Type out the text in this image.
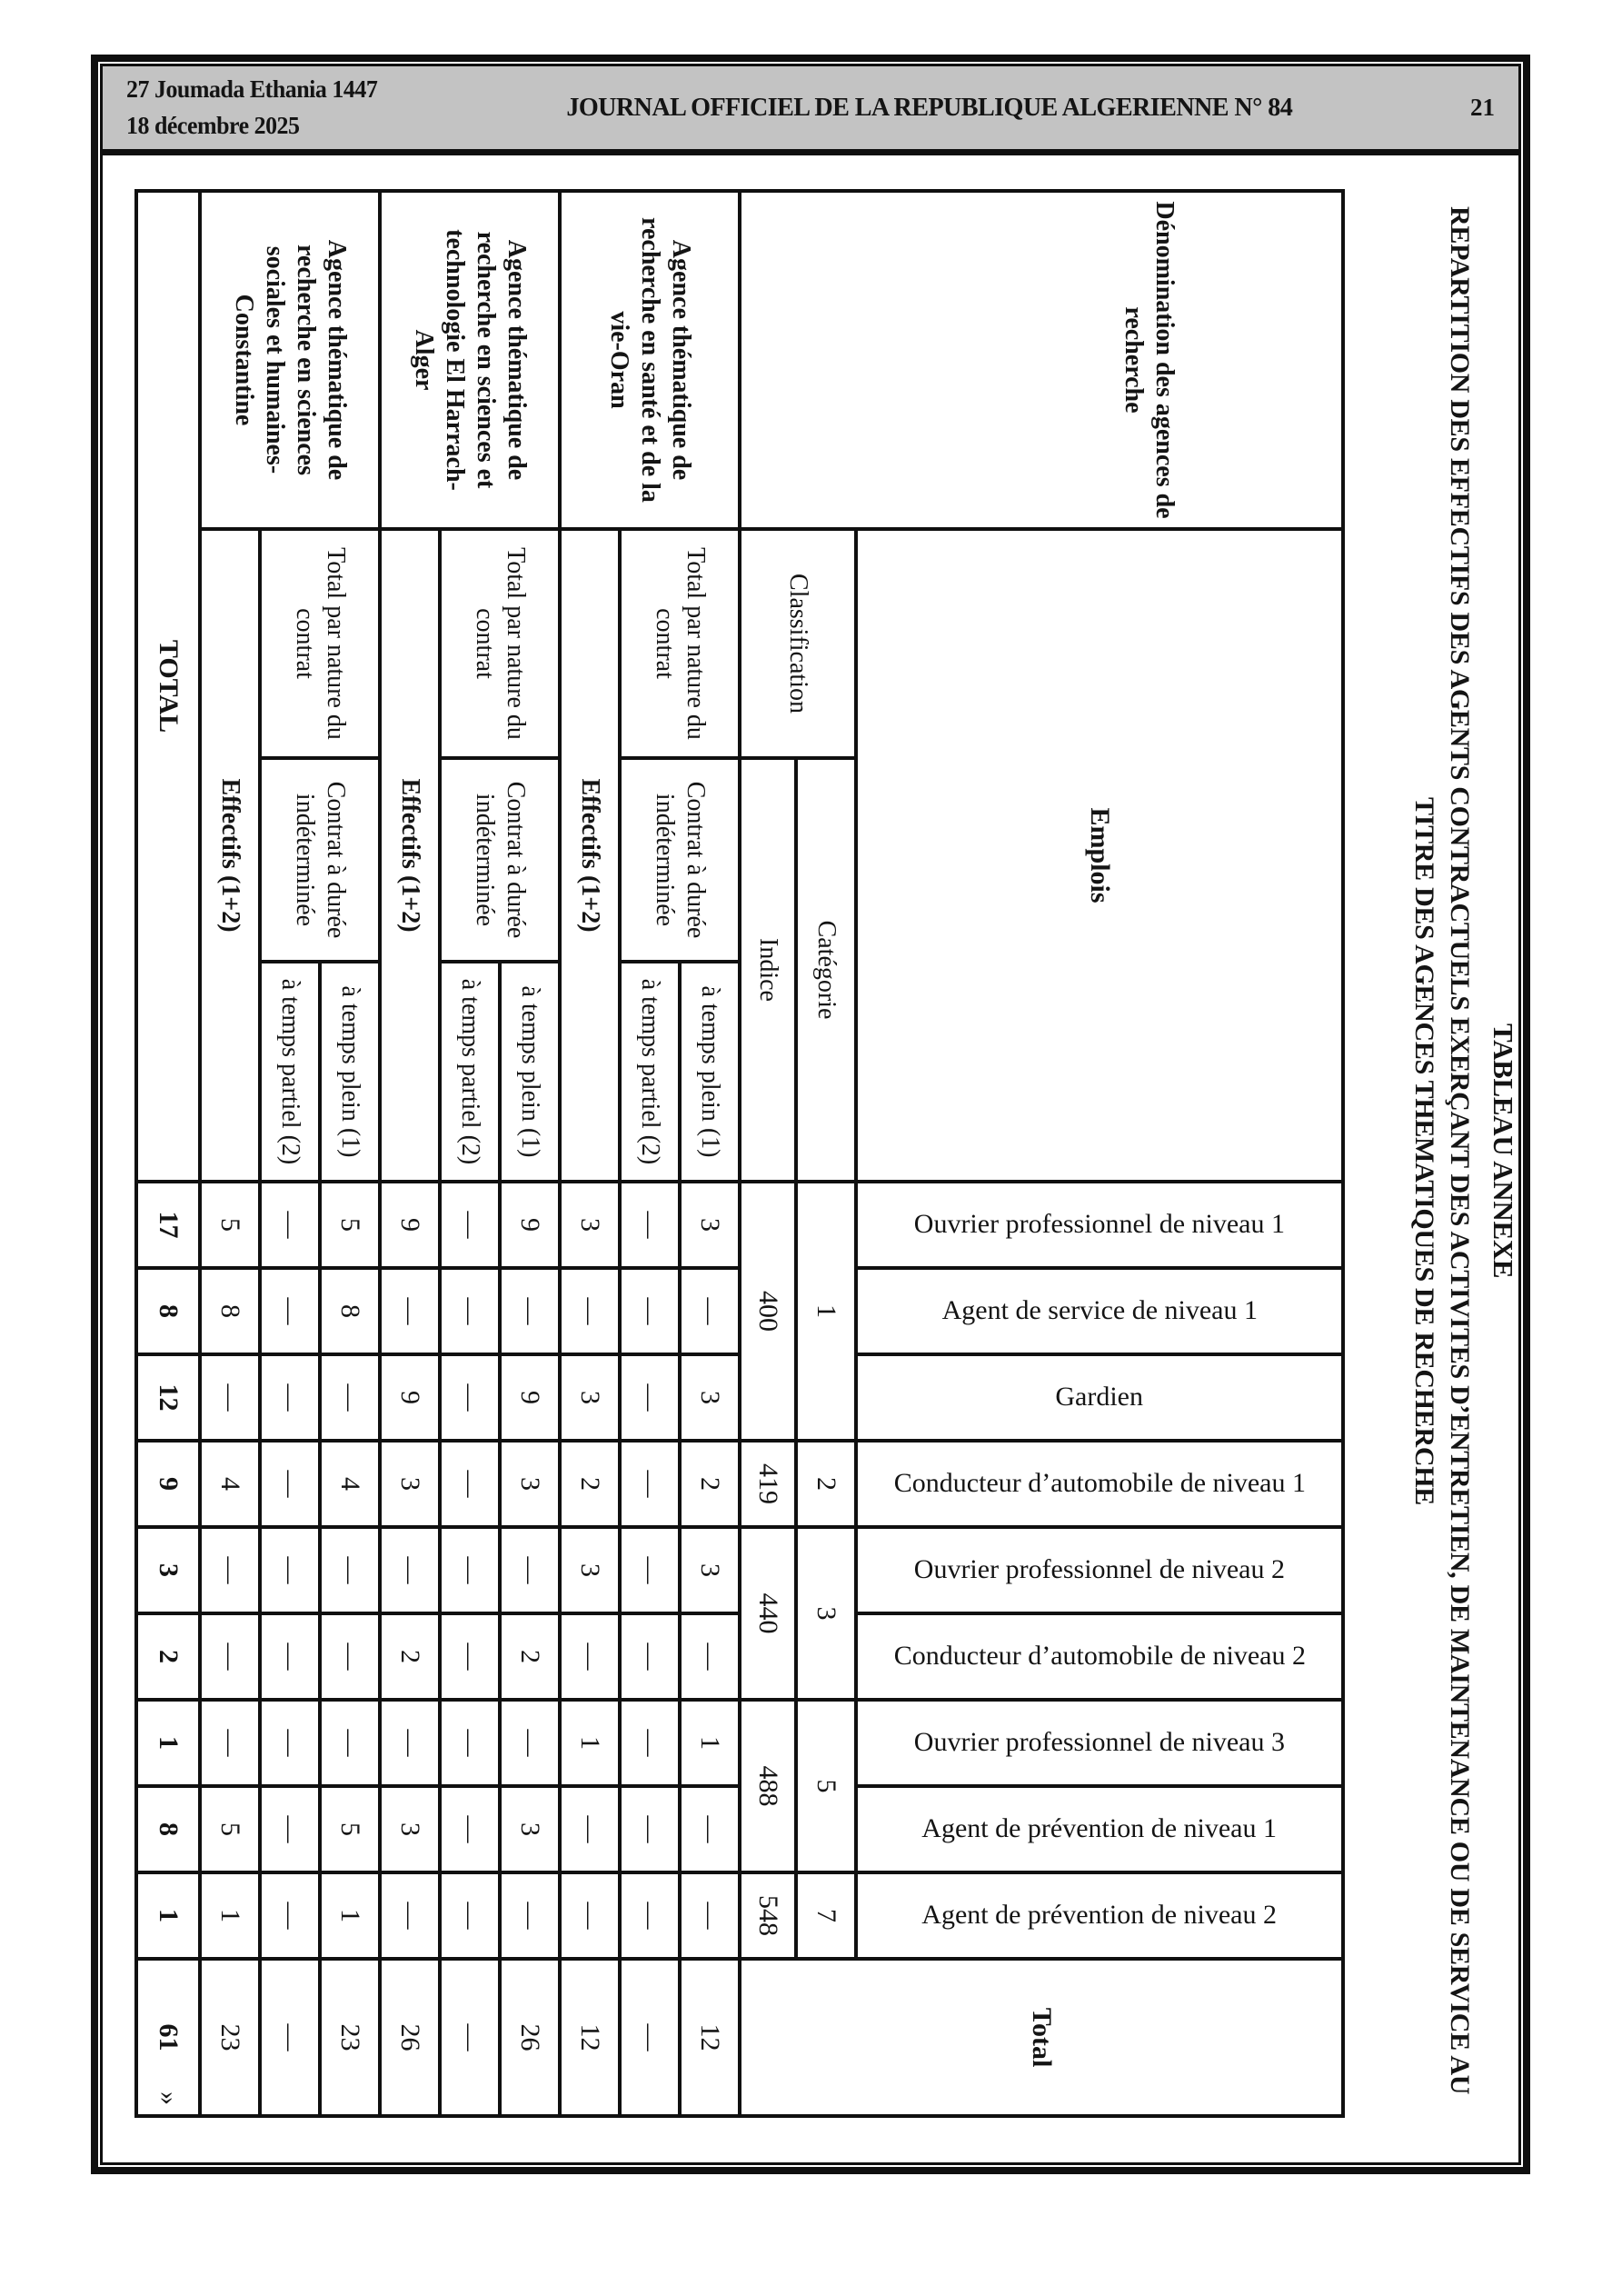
27 Joumada Ethania 1447
18 décembre 2025
JOURNAL OFFICIEL DE LA REPUBLIQUE ALGERIENNE N° 84	21

TABLEAU ANNEXE

REPARTITION DES EFFECTIFS DES AGENTS CONTRACTUELS EXERÇANT DES ACTIVITES D’ENTRETIEN, DE MAINTENANCE OU DE SERVICE AU TITRE DES AGENCES THEMATIQUES DE RECHERCHE

Dénomination des agences de recherche
Emplois
Ouvrier professionnel de niveau 1
Agent de service de niveau 1
Gardien
Conducteur d’automobile de niveau 1
Ouvrier professionnel de niveau 2
Conducteur d’automobile de niveau 2
Ouvrier professionnel de niveau 3
Agent de prévention de niveau 1
Agent de prévention de niveau 2
Total
Classification
Catégorie
Indice
1
2
3
5
7
400
419
440
488
548
Agence thématique de recherche en santé et de la vie-Oran
Total par nature du contrat
Contrat à durée indéterminée
à temps plein (1)
à temps partiel (2)
Effectifs (1+2)
3
—
3
2
3
—
1
—
—
12
—
—
—
—
—
—
—
—
—
—
3
—
3
2
3
—
1
—
—
12
Agence thématique de recherche en sciences et technologie El Harrach-Alger
Total par nature du contrat
Contrat à durée indéterminée
à temps plein (1)
à temps partiel (2)
Effectifs (1+2)
9
—
9
3
—
2
—
3
—
26
—
—
—
—
—
—
—
—
—
—
9
—
9
3
—
2
—
3
—
26
Agence thématique de recherche en sciences sociales et humaines-Constantine
Total par nature du contrat
Contrat à durée indéterminée
à temps plein (1)
à temps partiel (2)
Effectifs (1+2)
5
8
—
4
—
—
—
5
1
23
—
—
—
—
—
—
—
—
—
—
5
8
—
4
—
—
—
5
1
23
TOTAL
17
8
12
9
3
2
1
8
1
61
»
